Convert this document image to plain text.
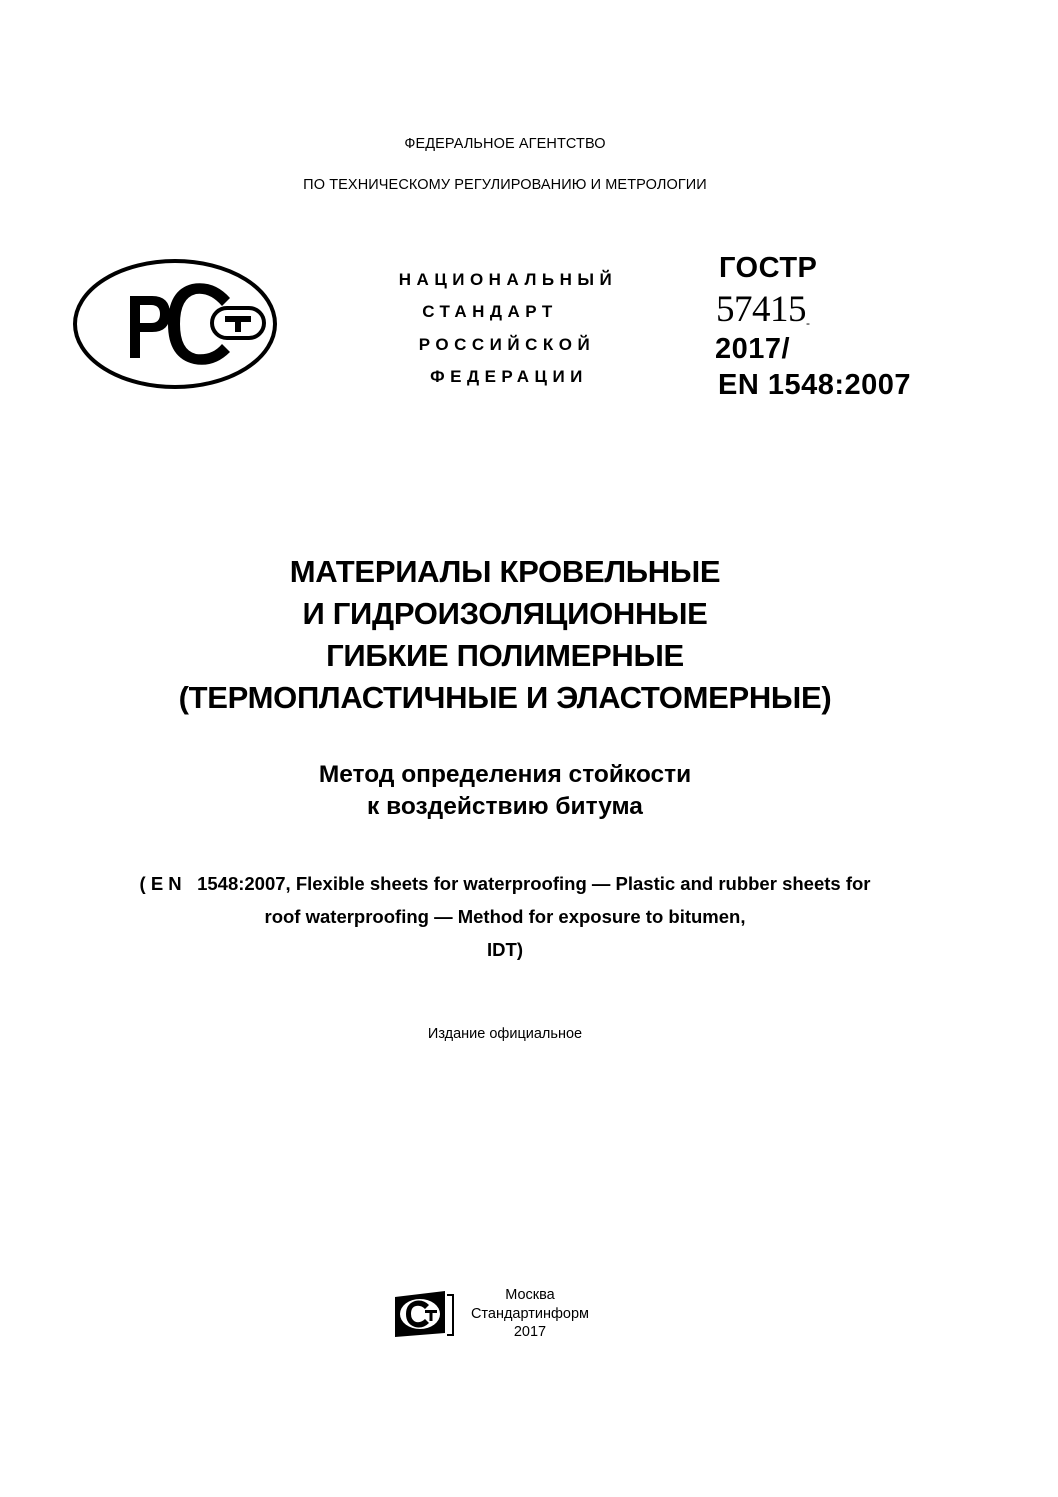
ФЕДЕРАЛЬНОЕ АГЕНТСТВО
ПО ТЕХНИЧЕСКОМУ РЕГУЛИРОВАНИЮ И МЕТРОЛОГИИ
НАЦИОНАЛЬНЫЙ
СТАНДАРТ
РОССИЙСКОЙ
ФЕДЕРАЦИИ
ГОСТР
$57415_-$
2017/
EN 1548:2007
МАТЕРИАЛЫ КРОВЕЛЬНЫЕ
И ГИДРОИЗОЛЯЦИОННЫЕ
ГИБКИЕ ПОЛИМЕРНЫЕ
(ТЕРМОПЛАСТИЧНЫЕ И ЭЛАСТОМЕРНЫЕ)
Метод определения стойкости
к воздействию битума
( E N   1548:2007, Flexible sheets for waterproofing — Plastic and rubber sheets for
roof waterproofing — Method for exposure to bitumen,
IDT)
Издание официальное
Москва
Стандартинформ
2017
